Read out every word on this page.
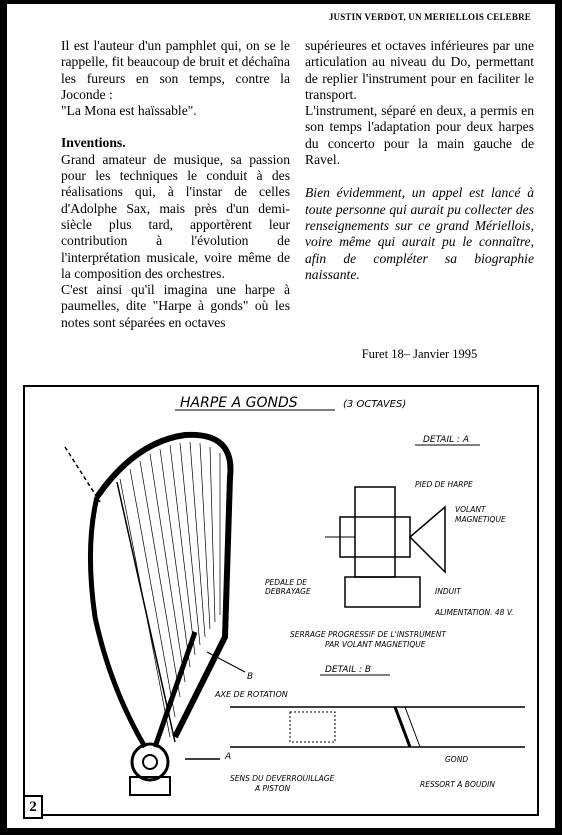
JUSTIN VERDOT, UN MERIELLOIS CELEBRE

Il est l'auteur d'un pamphlet qui, on se le rappelle, fit beaucoup de bruit et déchaîna les fureurs en son temps, contre la Joconde :

"La Mona est haïssable".

Inventions.

Grand amateur de musique, sa passion pour les techniques le conduit à des réalisations qui, à l'instar de celles d'Adolphe Sax, mais près d'un demi-siècle plus tard, apportèrent leur contribution à l'évolution de l'interprétation musicale, voire même de la composition des orchestres.

C'est ainsi qu'il imagina une harpe à paumelles, dite "Harpe à gonds" où les notes sont séparées en octaves

supérieures et octaves inférieures par une articulation au niveau du Do, permettant de replier l'instrument pour en faciliter le transport.

L'instrument, séparé en deux, a permis en son temps l'adaptation pour deux harpes du concerto pour la main gauche de Ravel.

Bien évidemment, un appel est lancé à toute personne qui aurait pu collecter des renseignements sur ce grand Mériellois, voire même qui aurait pu le connaître, afin de compléter sa biographie naissante.

Furet 18– Janvier 1995
HARPE A GONDS	(3 OCTAVES)
B
AXE DE ROTATION
A
SENS DU DEVERROUILLAGE
A PISTON
DETAIL : A
PIED DE HARPE
VOLANT
MAGNETIQUE
PEDALE DE
DEBRAYAGE	INDUIT
ALIMENTATION. 48 V.
SERRAGE PROGRESSIF DE L'INSTRUMENT
PAR VOLANT MAGNETIQUE
DETAIL : B
GOND
RESSORT A BOUDIN
2
